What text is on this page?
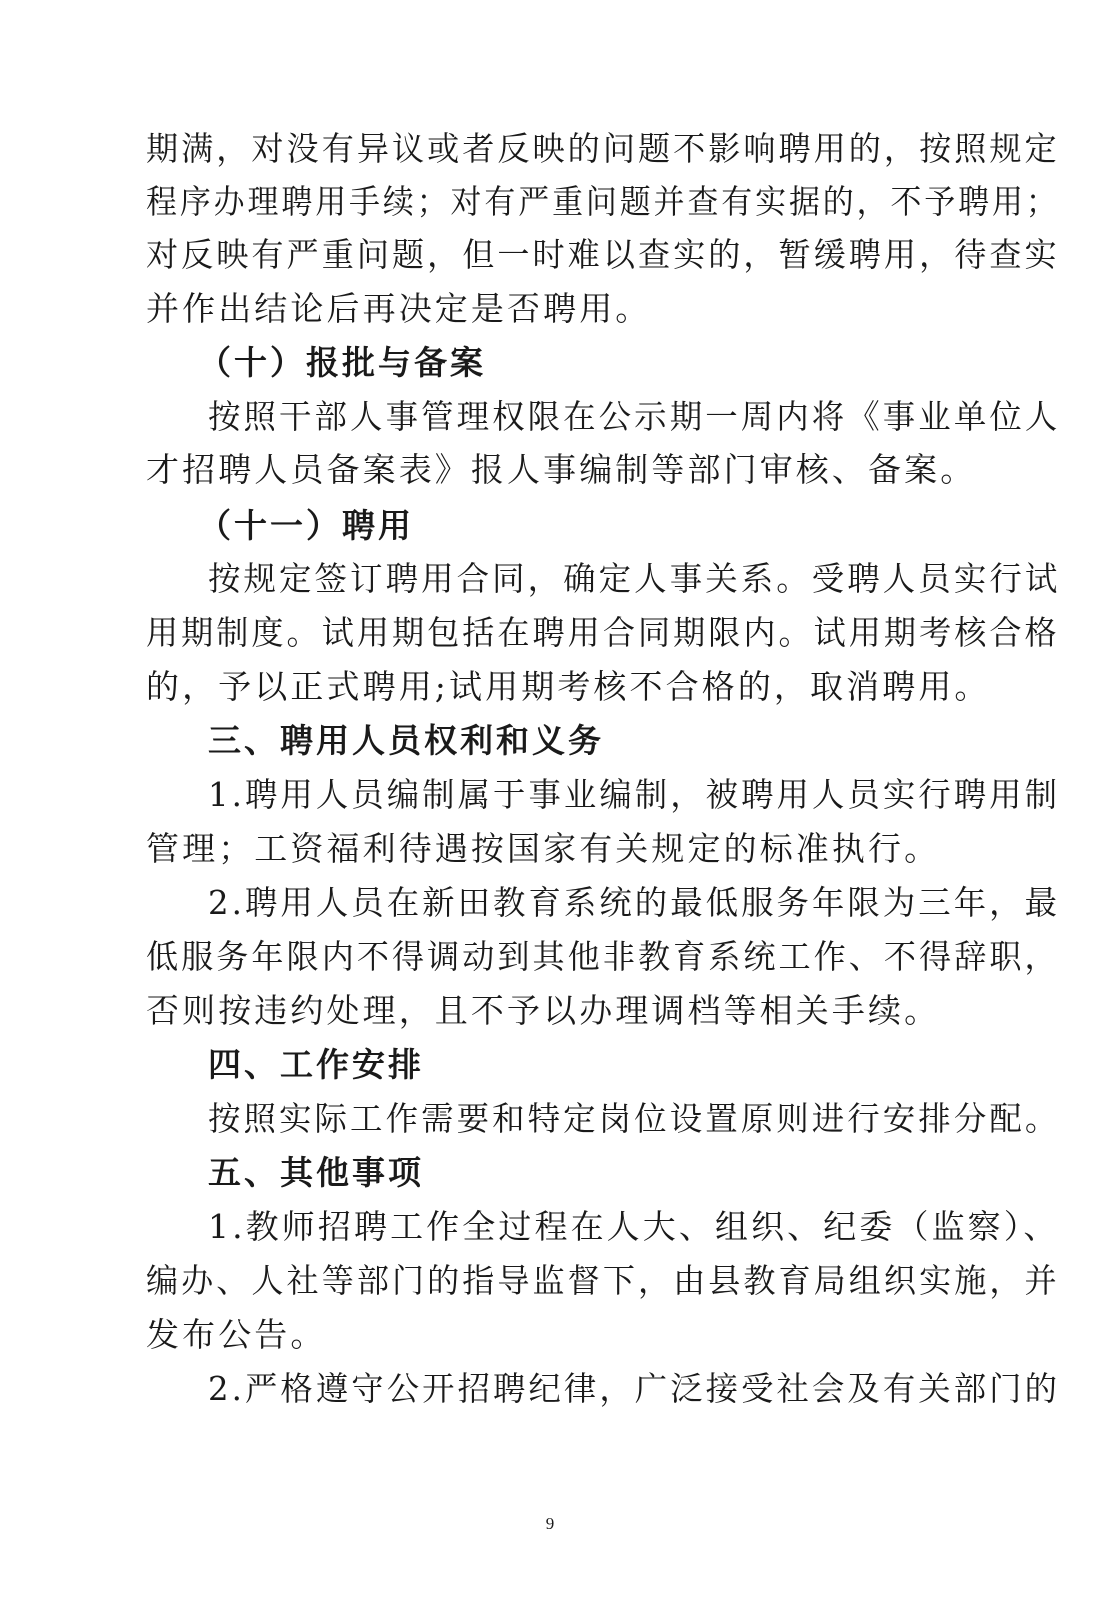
期满，对没有异议或者反映的问题不影响聘用的，按照规定
程序办理聘用手续；对有严重问题并查有实据的，不予聘用；
对反映有严重问题，但一时难以查实的，暂缓聘用，待查实
并作出结论后再决定是否聘用。
（十）报批与备案
按照干部人事管理权限在公示期一周内将《事业单位人
才招聘人员备案表》报人事编制等部门审核、备案。
（十一）聘用
按规定签订聘用合同，确定人事关系。受聘人员实行试
用期制度。试用期包括在聘用合同期限内。试用期考核合格
的，予以正式聘用;试用期考核不合格的，取消聘用。
三、聘用人员权利和义务
1.聘用人员编制属于事业编制，被聘用人员实行聘用制
管理；工资福利待遇按国家有关规定的标准执行。
2.聘用人员在新田教育系统的最低服务年限为三年，最
低服务年限内不得调动到其他非教育系统工作、不得辞职，
否则按违约处理，且不予以办理调档等相关手续。
四、工作安排
按照实际工作需要和特定岗位设置原则进行安排分配。
五、其他事项
1.教师招聘工作全过程在人大、组织、纪委（监察）、
编办、人社等部门的指导监督下，由县教育局组织实施，并
发布公告。
2.严格遵守公开招聘纪律，广泛接受社会及有关部门的
9
